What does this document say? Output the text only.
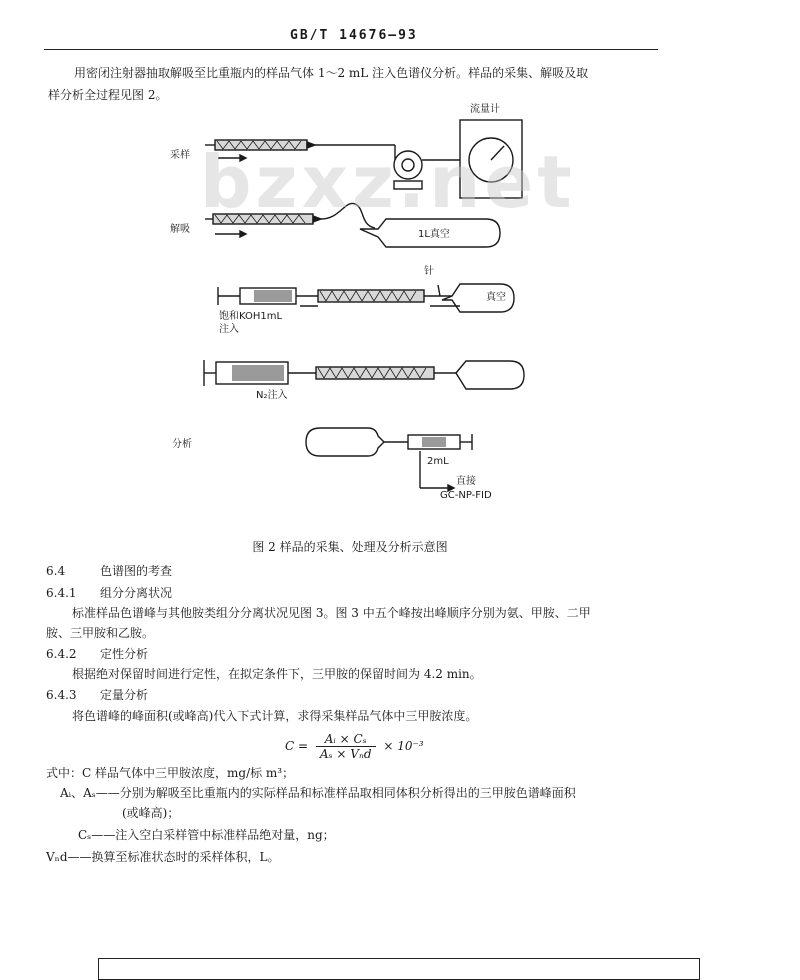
GB/T 14676—93
用密闭注射器抽取解吸至比重瓶内的样品气体 1～2 mL 注入色谱仪分析。样品的采集、解吸及取
样分析全过程见图 2。
采样
解吸
流量计
1L真空
针
真空
饱和KOH1mL
注入
N₂注入
分析
2mL
直接
GC-NP-FID
bzxz.net
图 2 样品的采集、处理及分析示意图
6.4	色谱图的考查
6.4.1 组分分离状况
标准样品色谱峰与其他胺类组分分离状况见图 3。图 3 中五个峰按出峰顺序分别为氨、甲胺、二甲
胺、三甲胺和乙胺。
6.4.2 定性分析
根据绝对保留时间进行定性，在拟定条件下，三甲胺的保留时间为 4.2 min。
6.4.3 定量分析
将色谱峰的峰面积(或峰高)代入下式计算，求得采集样品气体中三甲胺浓度。
$C = \frac{\text{Aᵢ × Cₛ}}{\text{Aₛ × Vₙd}} \times 10^{-3}$
式中：C 样品气体中三甲胺浓度，mg/标 m³；
Aᵢ、Aₛ——分别为解吸至比重瓶内的实际样品和标准样品取相同体积分析得出的三甲胺色谱峰面积
(或峰高)；
Cₛ——注入空白采样管中标准样品绝对量，ng；
Vₙd——换算至标准状态时的采样体积，L。
